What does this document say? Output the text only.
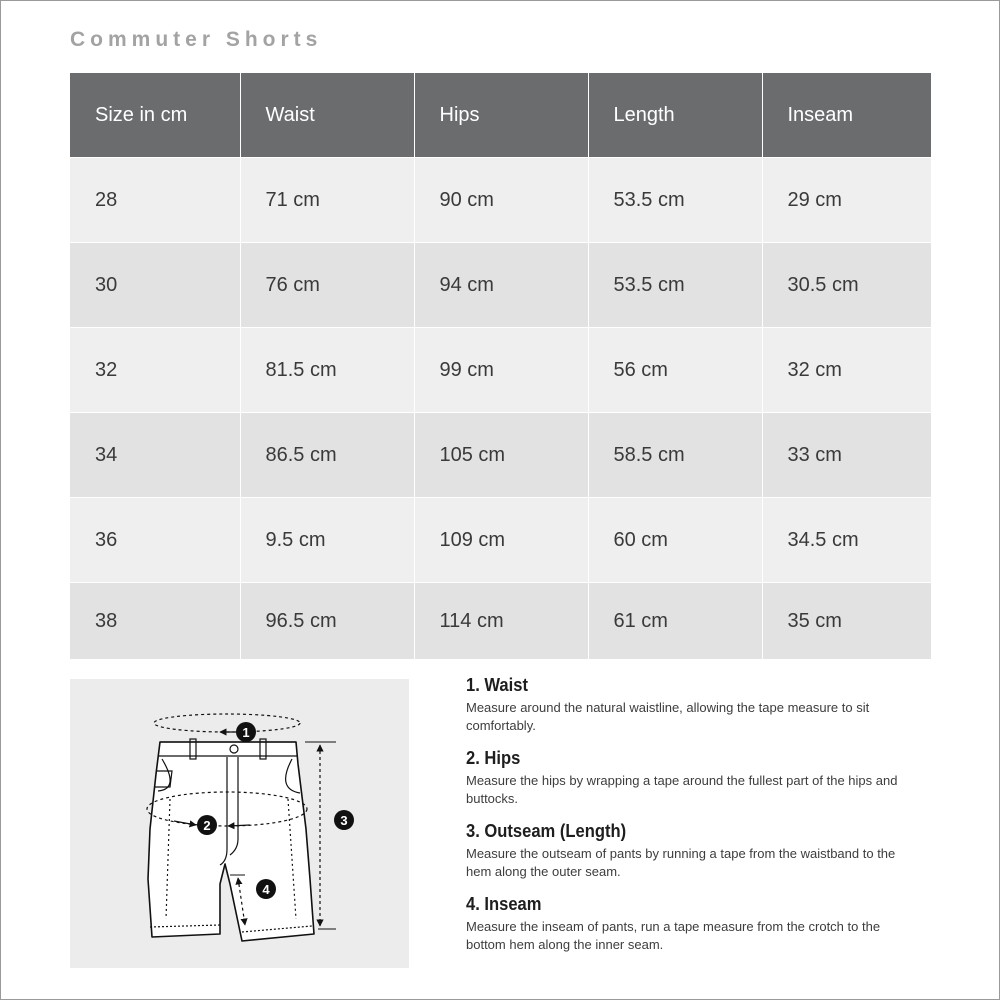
Commuter Shorts
Size in cm	Waist	Hips	Length	Inseam
28	71 cm	90 cm	53.5 cm	29 cm
30	76 cm	94 cm	53.5 cm	30.5 cm
32	81.5 cm	99 cm	56 cm	32 cm
34	86.5 cm	105 cm	58.5 cm	33 cm
36	9.5 cm	109 cm	60 cm	34.5 cm
38	96.5 cm	114 cm	61 cm	35 cm
1
2	3
4
1. Waist

Measure around the natural waistline, allowing the tape measure to sit comfortably.

2. Hips

Measure the hips by wrapping a tape around the fullest part of the hips and buttocks.

3. Outseam (Length)

Measure the outseam of pants by running a tape from the waistband to the hem along the outer seam.

4. Inseam

Measure the inseam of pants, run a tape measure from the crotch to the bottom hem along the inner seam.
